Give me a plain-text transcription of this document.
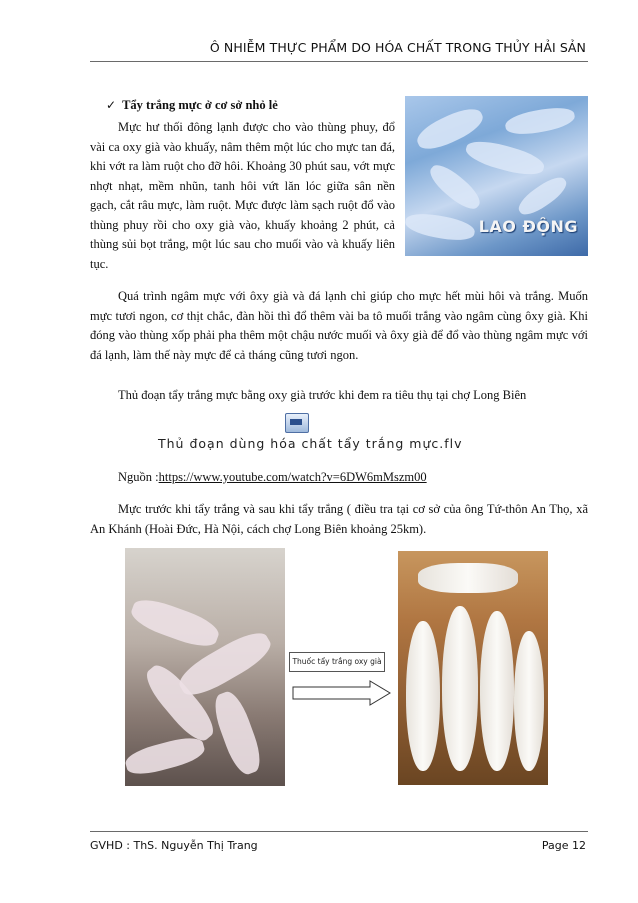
Ô NHIỄM THỰC PHẨM DO HÓA CHẤT TRONG THỦY HẢI SẢN
✓ Tẩy trắng mực ở cơ sở nhỏ lẻ
Mực hư thối đông lạnh được cho vào thùng phuy, đổ vài ca oxy già vào khuấy, nâm thêm một lúc cho mực tan đá, khi vớt ra làm ruột cho đỡ hôi. Khoảng 30 phút sau, vớt mực nhợt nhạt, mềm nhũn, tanh hôi vứt lăn lóc giữa sân nền gạch, cắt râu mực, làm ruột. Mực được làm sạch ruột đổ vào thùng phuy rồi cho oxy già vào, khuấy khoảng 2 phút, cả thùng sủi bọt trắng, một lúc sau cho muối vào và khuấy liên tục.
LAO ĐỘNG
Quá trình ngâm mực với ôxy già và đá lạnh chỉ giúp cho mực hết mùi hôi và trắng. Muốn mực tươi ngon, cơ thịt chắc, đàn hồi thì đổ thêm vài ba tô muối trắng vào ngâm cùng ôxy già. Khi đóng vào thùng xốp phải pha thêm một chậu nước muối và ôxy già để đổ vào thùng ngâm mực với đá lạnh, làm thế này mực để cả tháng cũng tươi ngon.
Thủ đoạn tẩy trắng mực bằng oxy già trước khi đem ra tiêu thụ tại chợ Long Biên
Thủ đoạn dùng hóa chất tẩy trắng mực.flv
Nguồn :https://www.youtube.com/watch?v=6DW6mMszm00
Mực trước khi tẩy trắng và sau khi tẩy trắng ( điều tra tại cơ sở của ông Tứ-thôn An Thọ, xã An Khánh (Hoài Đức, Hà Nội, cách chợ Long Biên khoảng 25km).
Thuốc tẩy trắng oxy già
GVHD : ThS. Nguyễn Thị Trang	Page 12
